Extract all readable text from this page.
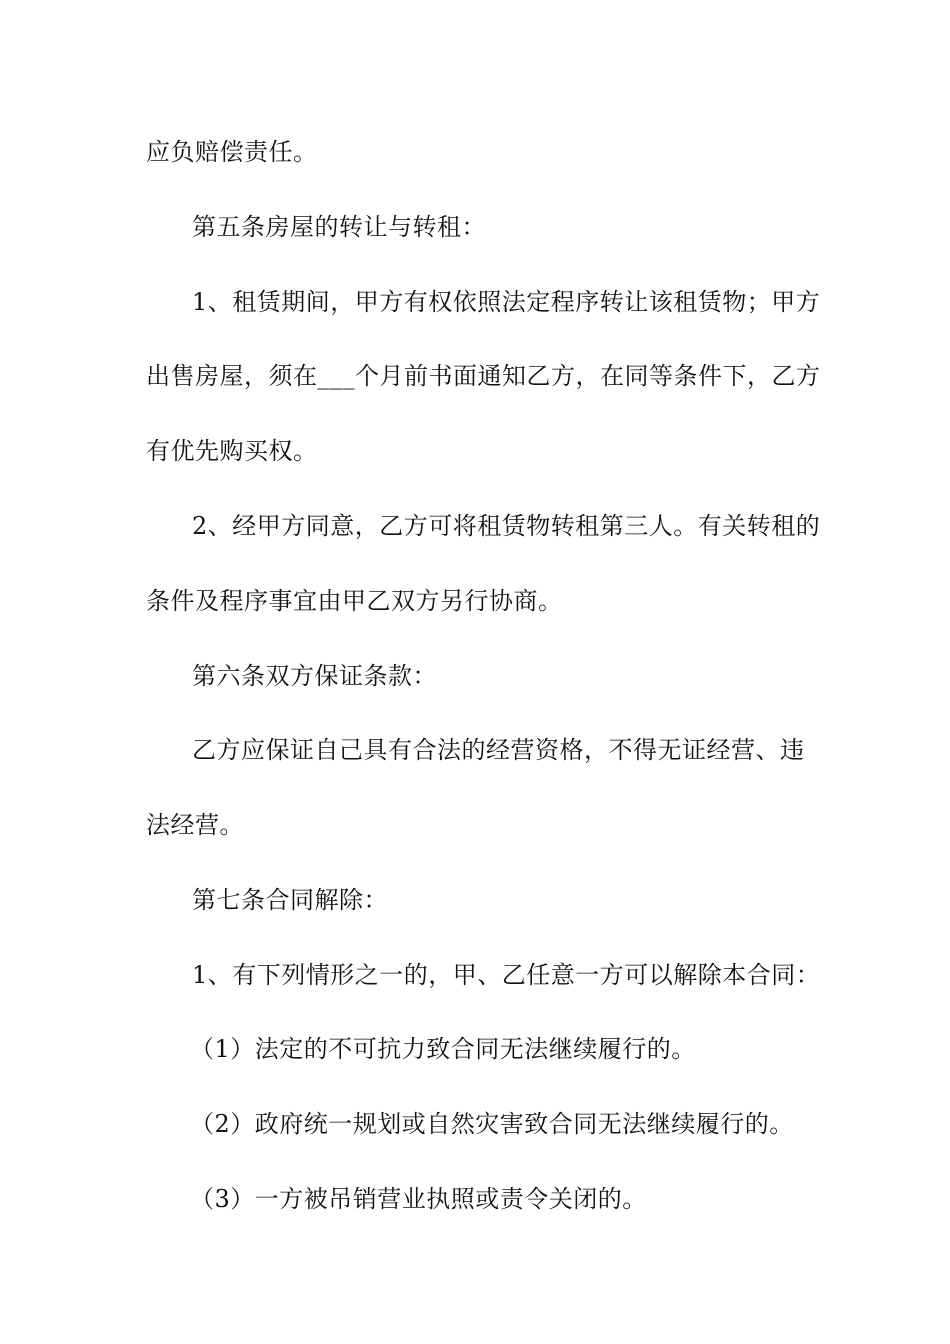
应负赔偿责任。
第五条房屋的转让与转租：
1、租赁期间，甲方有权依照法定程序转让该租赁物；甲方
出售房屋，须在___个月前书面通知乙方，在同等条件下，乙方
有优先购买权。
2、经甲方同意，乙方可将租赁物转租第三人。有关转租的
条件及程序事宜由甲乙双方另行协商。
第六条双方保证条款：
乙方应保证自己具有合法的经营资格，不得无证经营、违
法经营。
第七条合同解除：
1、有下列情形之一的，甲、乙任意一方可以解除本合同：
（1）法定的不可抗力致合同无法继续履行的。
（2）政府统一规划或自然灾害致合同无法继续履行的。
（3）一方被吊销营业执照或责令关闭的。
